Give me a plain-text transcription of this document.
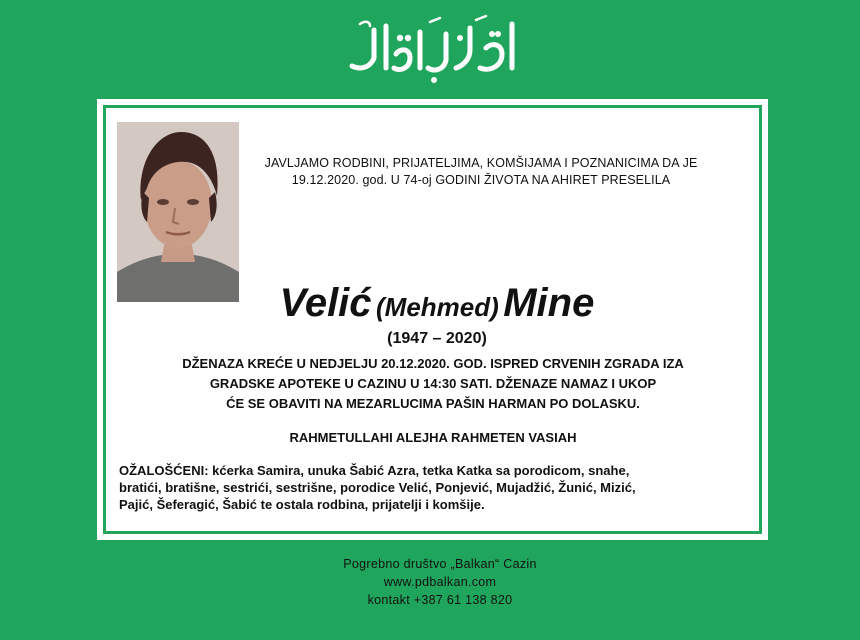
JAVLJAMO RODBINI, PRIJATELJIMA, KOMŠIJAMA I POZNANICIMA DA JE
19.12.2020. god. U 74-oj GODINI ŽIVOTA NA AHIRET PRESELILA
Velić (Mehmed) Mine
(1947 – 2020)
DŽENAZA KREĆE U NEDJELJU 20.12.2020. GOD. ISPRED CRVENIH ZGRADA IZA
GRADSKE APOTEKE U CAZINU U 14:30 SATI. DŽENAZE NAMAZ I UKOP
ĆE SE OBAVITI NA MEZARLUCIMA PAŠIN HARMAN PO DOLASKU.
RAHMETULLAHI ALEJHA RAHMETEN VASIAH
OŽALOŠĆENI: kćerka Samira, unuka Šabić Azra, tetka Katka sa porodicom, snahe,
bratići, bratišne, sestrići, sestrišne, porodice Velić, Ponjević, Mujadžić, Žunić, Mizić,
Pajić, Šeferagić, Šabić te ostala rodbina, prijatelji i komšije.
Pogrebno društvo „Balkan“ Cazin
www.pdbalkan.com
kontakt +387 61 138 820
